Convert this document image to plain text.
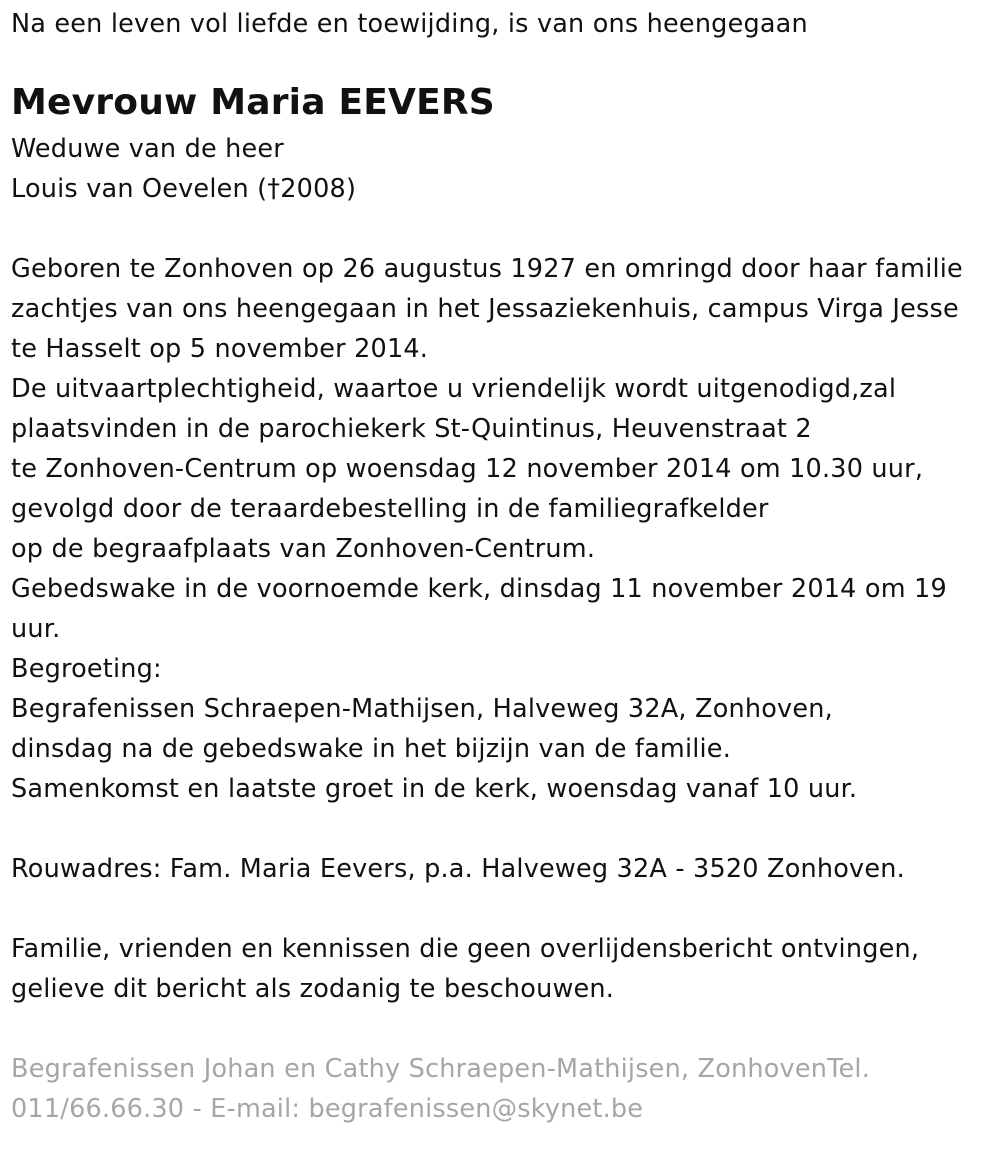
Na een leven vol liefde en toewijding, is van ons heengegaan
Mevrouw Maria EEVERS
Weduwe van de heer
Louis van Oevelen (†2008)
Geboren te Zonhoven op 26 augustus 1927 en omringd door haar familie
zachtjes van ons heengegaan in het Jessaziekenhuis, campus Virga Jesse
te Hasselt op 5 november 2014.
De uitvaartplechtigheid, waartoe u vriendelijk wordt uitgenodigd,zal
plaatsvinden in de parochiekerk St-Quintinus, Heuvenstraat 2
te Zonhoven-Centrum op woensdag 12 november 2014 om 10.30 uur,
gevolgd door de teraardebestelling in de familiegrafkelder
op de begraafplaats van Zonhoven-Centrum.
Gebedswake in de voornoemde kerk, dinsdag 11 november 2014 om 19
uur.
Begroeting:
Begrafenissen Schraepen-Mathijsen, Halveweg 32A, Zonhoven,
dinsdag na de gebedswake in het bijzijn van de familie.
Samenkomst en laatste groet in de kerk, woensdag vanaf 10 uur.
Rouwadres: Fam. Maria Eevers, p.a. Halveweg 32A - 3520 Zonhoven.
Familie, vrienden en kennissen die geen overlijdensbericht ontvingen,
gelieve dit bericht als zodanig te beschouwen.
Begrafenissen Johan en Cathy Schraepen-Mathijsen, ZonhovenTel.
011/66.66.30 - E-mail: begrafenissen@skynet.be
